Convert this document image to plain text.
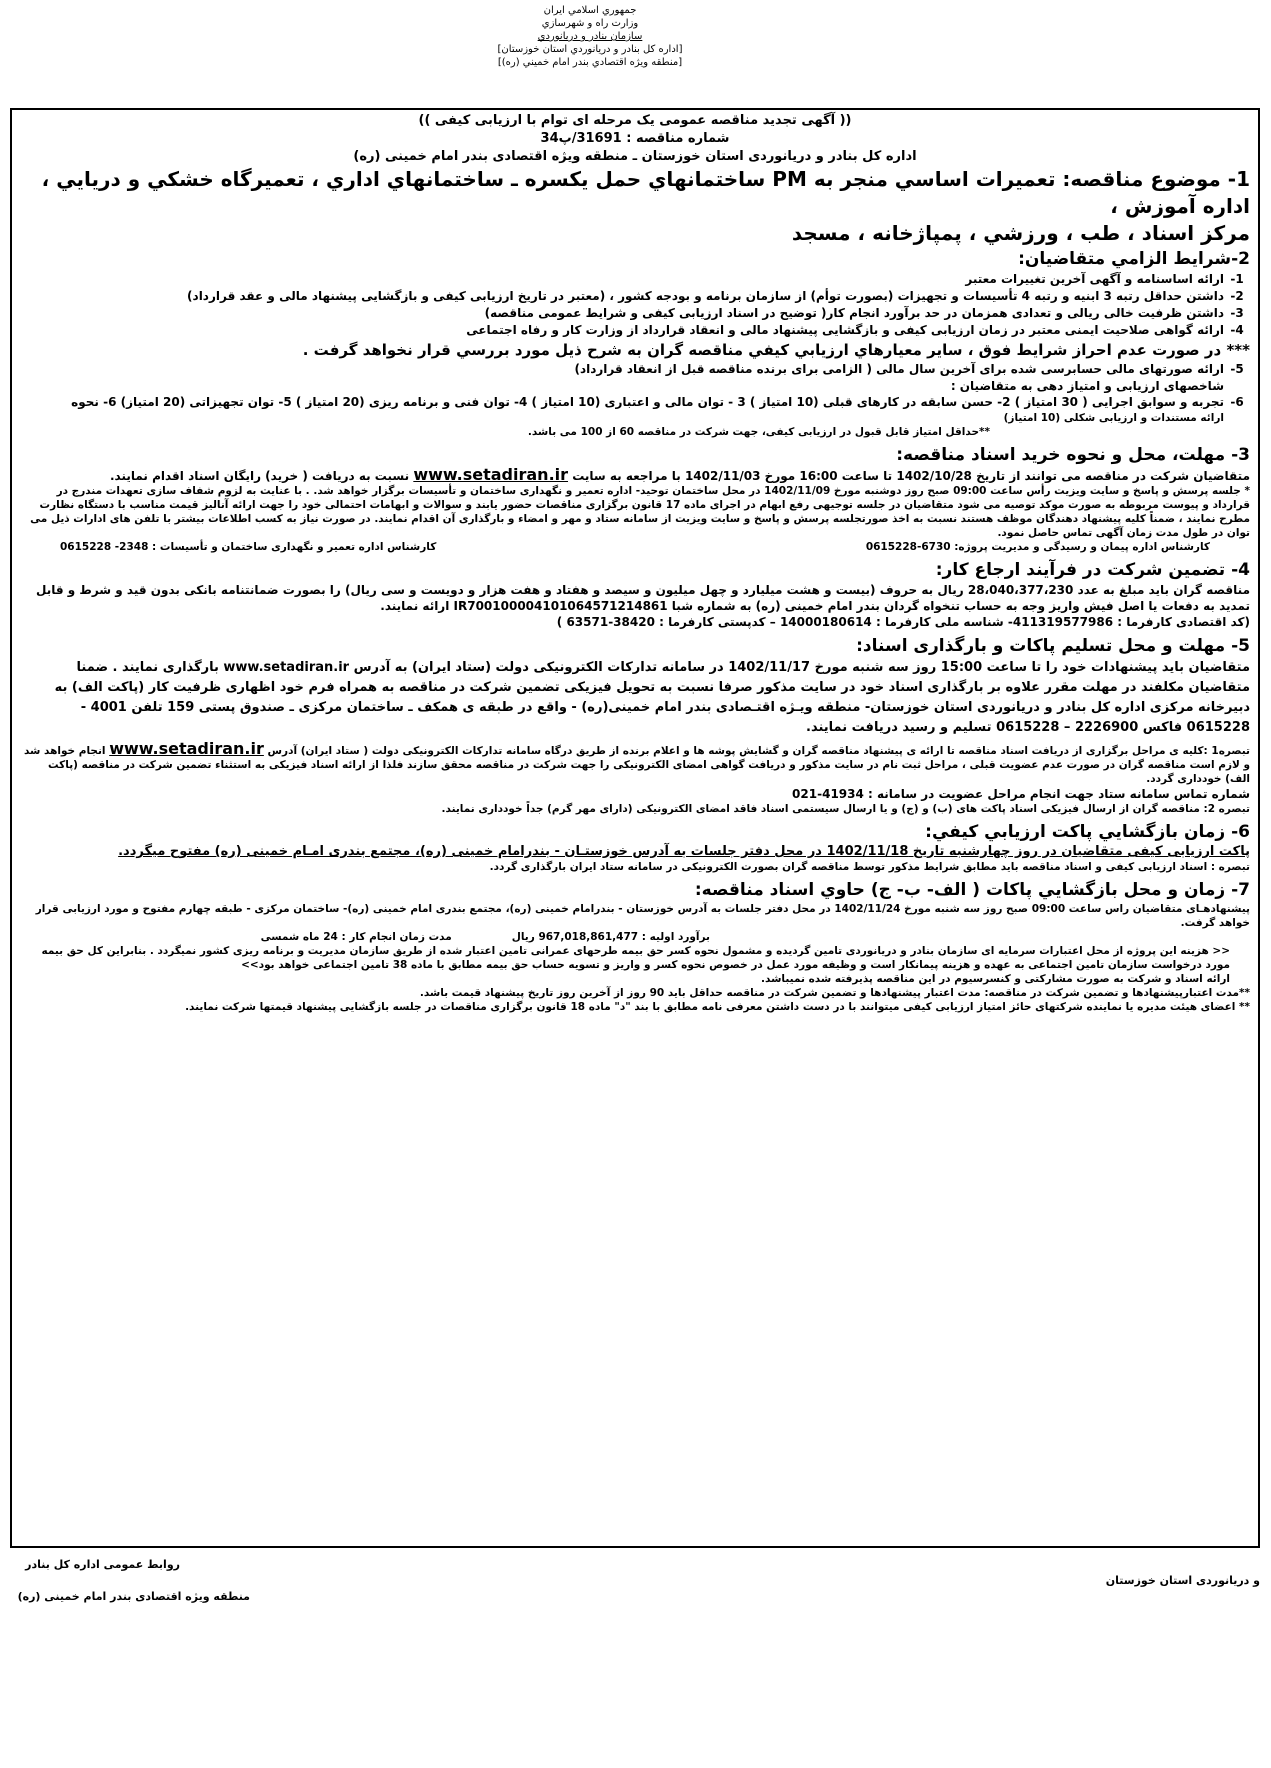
جمهوري اسلامي ايران
وزارت راه و شهرسازي
سازمان بنادر و دريانوردي
[اداره كل بنادر و دريانوردي استان خوزستان]
[منطقه ويژه اقتصادي بندر امام خميني (ره)]
(( آگهی تجدید مناقصه عمومی یک مرحله ای توام با ارزیابی کیفی ))
شماره مناقصه : 31691/پ34
اداره کل بنادر و دریانوردی استان خوزستان ـ منطقه ویژه اقتصادی بندر امام خمینی (ره)
1- موضوع مناقصه: تعميرات اساسي منجر به PM ساختمانهاي حمل يكسره ـ ساختمانهاي اداري ، تعميرگاه خشكي و دريايي ، اداره آموزش ،
مركز اسناد ، طب ، ورزشي ، پمپاژخانه ، مسجد
2-شرايط الزامي متقاضيان:
1-
ارائه اساسنامه و آگهی آخرین تغییرات معتبر
2-
داشتن حداقل رتبه 3 ابنیه و رتبه 4 تأسیسات و تجهیزات (بصورت توأم) از سازمان برنامه و بودجه کشور ، (معتبر در تاریخ ارزیابی کیفی و بازگشایی پیشنهاد مالی و عقد قرارداد)
3-
داشتن ظرفیت خالی ریالی و تعدادی همزمان در حد برآورد انجام کار( توضیح در اسناد ارزیابی کیفی و شرایط عمومی مناقصه)
4-
ارائه گواهی صلاحیت ایمنی معتبر در زمان ارزیابی کیفی و بازگشایی پیشنهاد مالی و انعقاد قرارداد از وزارت کار و رفاه اجتماعی
*** در صورت عدم احراز شرايط فوق ، ساير معيارهاي ارزيابي كيفي مناقصه گران به شرح ذيل مورد بررسي قرار نخواهد گرفت .
5-
ارائه صورتهای مالی حسابرسی شده برای آخرین سال مالی ( الزامی برای برنده مناقصه قبل از انعقاد قرارداد)
شاخصهای ارزیابی و امتیاز دهی به متقاضیان :
6-
تجربه و سوابق اجرایی ( 30 امتیاز ) 2- حسن سابقه در کارهای قبلی (10 امتیاز ) 3 - توان مالی و اعتباری (10 امتیاز ) 4- توان فنی و برنامه ریزی (20 امتیاز ) 5- توان تجهیزاتی (20 امتیاز) 6- نحوه
ارائه مستندات و ارزیابی شکلی (10 امتیاز)
**حداقل امتیاز قابل قبول در ارزیابی کیفی، جهت شرکت در مناقصه 60 از 100 می باشد.
3- مهلت، محل و نحوه خرید اسناد مناقصه:
متقاضیان شرکت در مناقصه می توانند از تاریخ 1402/10/28 تا ساعت 16:00 مورخ 1402/11/03 با مراجعه به سایت www.setadiran.ir نسبت به دریافت ( خرید) رایگان اسناد اقدام نمایند.
* جلسه پرسش و پاسخ و سایت ویزیت رأس ساعت 09:00 صبح روز دوشنبه مورخ 1402/11/09 در محل ساختمان توحید- اداره تعمیر و نگهداری ساختمان و تأسیسات برگزار خواهد شد. . با عنایت به لزوم شفاف سازی تعهدات مندرج در قرارداد و پیوست مربوطه به صورت موکد توصیه می شود متقاضیان در جلسه توجیهی رفع ابهام در اجرای ماده 17 قانون برگزاری مناقصات حضور یابند و سوالات و ابهامات احتمالی خود را جهت ارائه آنالیز قیمت مناسب با دستگاه نظارت مطرح نمایند ، ضمناً کلیه پیشنهاد دهندگان موظف هستند نسبت به اخذ صورتجلسه پرسش و پاسخ و سایت ویزیت از سامانه ستاد و مهر و امضاء و بارگذاری آن اقدام نمایند. در صورت نیاز به کسب اطلاعات بیشتر با تلفن های ادارات ذیل می توان در طول مدت زمان آگهی تماس حاصل نمود.
کارشناس اداره پیمان و رسیدگی و مدیریت پروژه: 6730-0615228
کارشناس اداره تعمیر و نگهداری ساختمان و تأسیسات : 2348- 0615228
4- تضمین شرکت در فرآیند ارجاع کار:
مناقصه گران باید مبلغ به عدد 28،040،377،230 ریال به حروف (بیست و هشت میلیارد و چهل میلیون و سیصد و هفتاد و هفت هزار و دویست و سی ریال) را بصورت ضمانتنامه بانکی بدون قید و شرط و قابل تمدید به دفعات یا اصل فیش واریز وجه به حساب تنخواه گردان بندر امام خمینی (ره) به شماره شبا IR700100004101064571214861 ارائه نمایند.
(کد اقتصادی کارفرما : 411319577986- شناسه ملی کارفرما : 14000180614 – کدپستی کارفرما : 38420-63571 )
5- مهلت و محل تسلیم پاکات و بارگذاری اسناد:
متقاضیان باید پیشنهادات خود را تا ساعت 15:00 روز سه شنبه مورخ 1402/11/17 در سامانه تدارکات الکترونیکی دولت (ستاد ایران) به آدرس www.setadiran.ir بارگذاری نمایند . ضمنا متقاضیان مکلفند در مهلت مقرر علاوه بر بارگذاری اسناد خود در سایت مذکور صرفا نسبت به تحویل فیزیکی تضمین شرکت در مناقصه به همراه فرم خود اظهاری ظرفیت کار (پاکت الف) به دبیرخانه مرکزی اداره کل بنادر و دریانوردی استان خوزستان- منطقه ویـژه اقتـصادی بندر امام خمینی(ره) - واقع در طبقه ی همکف ـ ساختمان مرکزی ـ صندوق پستی 159 تلفن 4001 - 0615228 فاکس 2226900 – 0615228 تسلیم و رسید دریافت نمایند.
تبصره1 :کلیه ی مراحل برگزاری از دریافت اسناد مناقصه تا ارائه ی پیشنهاد مناقصه گران و گشایش پوشه ها و اعلام برنده از طریق درگاه سامانه تدارکات الکترونیکی دولت ( ستاد ایران) آدرس www.setadiran.ir انجام خواهد شد و لازم است مناقصه گران در صورت عدم عضویت قبلی ، مراحل ثبت نام در سایت مذکور و دریافت گواهی امضای الکترونیکی را جهت شرکت در مناقصه محقق سازند فلذا از ارائه اسناد فیزیکی به استثناء تضمین شرکت در مناقصه (پاکت الف) خودداری گردد.
شماره تماس سامانه ستاد جهت انجام مراحل عضویت در سامانه : 41934-021
تبصره 2: مناقصه گران از ارسال فیزیکی اسناد پاکت های (ب) و (ج) و یا ارسال سیستمی اسناد فاقد امضای الکترونیکی (دارای مهر گرم) جداً خودداری نمایند.
6- زمان بازگشايي پاكت ارزيابي كيفي:
پاکت ارزیابی کیفی متقاضیان در روز چهارشنبه تاریخ 1402/11/18 در محل دفتر جلسات به آدرس خوزستـان - بندرامام خمینی (ره)، مجتمع بندری امـام خمینی (ره) مفتوح میگردد.
تبصره : اسناد ارزیابی کیفی و اسناد مناقصه باید مطابق شرایط مذکور توسط مناقصه گران بصورت الکترونیکی در سامانه ستاد ایران بارگذاری گردد.
7- زمان و محل بازگشايي پاكات ( الف- ب- ج) حاوي اسناد مناقصه:
پیشنهادهـای متقاضیان راس ساعت 09:00 صبح روز سه شنبه مورخ 1402/11/24 در محل دفتر جلسات به آدرس خوزستان - بندرامام خمینی (ره)، مجتمع بندری امام خمینی (ره)- ساختمان مرکزی - طبقه چهارم مفتوح و مورد ارزیابی قرار خواهد گرفت.
برآورد اولیه : 967,018,861,477 ریال
مدت زمان انجام کار : 24 ماه شمسی
<< هزینه این پروژه از محل اعتبارات سرمایه ای سازمان بنادر و دریانوردی تامین گردیده و مشمول نحوه کسر حق بیمه طرحهای عمرانی تامین اعتبار شده از طریق سازمان مدیریت و برنامه ریزی کشور نمیگردد . بنابراین کل حق بیمه مورد درخواست سازمان تامین اجتماعی به عهده و هزینه پیمانکار است و وظیفه مورد عمل در خصوص نحوه کسر و واریز و تسویه حساب حق بیمه مطابق با ماده 38 تامین اجتماعی خواهد بود>>
ارائه اسناد و شرکت به صورت مشارکتی و کنسرسیوم در این مناقصه پذیرفته شده نمیباشد.
**مدت اعتبارپیشنهادها و تضمین شرکت در مناقصه: مدت اعتبار پیشنهادها و تضمین شرکت در مناقصه حداقل باید 90 روز از آخرین روز تاریخ پیشنهاد قیمت باشد.
** اعضای هیئت مدیره یا نماینده شرکتهای حائز امتیاز ارزیابی کیفی میتوانند با در دست داشتن معرفی نامه مطابق با بند "د" ماده 18 قانون برگزاری مناقصات در جلسه بازگشایی پیشنهاد قیمتها شرکت نمایند.
روابط عمومی اداره کل بنادر
و دریانوردی استان خوزستان
منطقه ویژه اقتصادی بندر امام خمینی (ره)
